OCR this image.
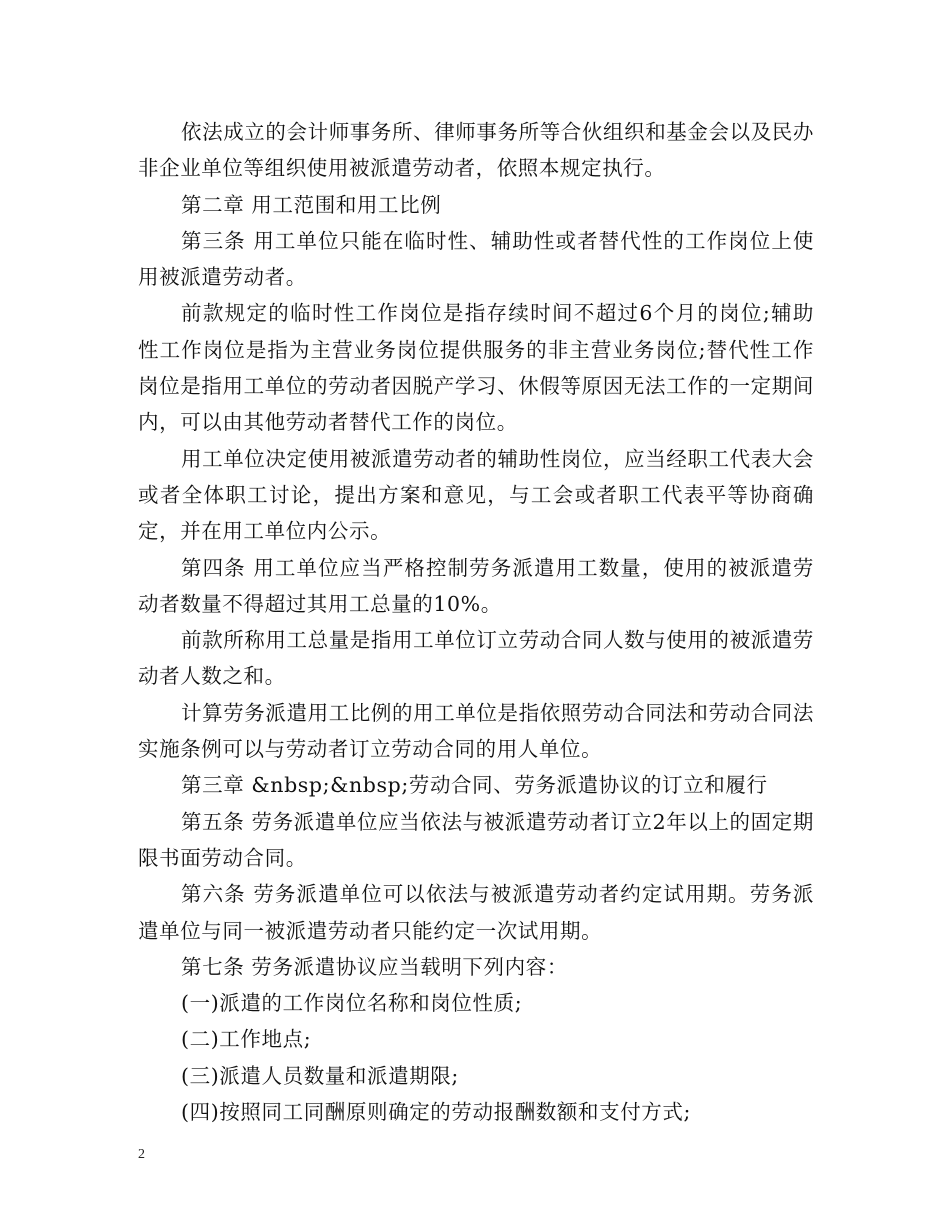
依法成立的会计师事务所、律师事务所等合伙组织和基金会以及民办非企业单位等组织使用被派遣劳动者，依照本规定执行。

第二章 用工范围和用工比例

第三条 用工单位只能在临时性、辅助性或者替代性的工作岗位上使用被派遣劳动者。

前款规定的临时性工作岗位是指存续时间不超过6个月的岗位;辅助性工作岗位是指为主营业务岗位提供服务的非主营业务岗位;替代性工作岗位是指用工单位的劳动者因脱产学习、休假等原因无法工作的一定期间内，可以由其他劳动者替代工作的岗位。

用工单位决定使用被派遣劳动者的辅助性岗位，应当经职工代表大会或者全体职工讨论，提出方案和意见，与工会或者职工代表平等协商确定，并在用工单位内公示。

第四条 用工单位应当严格控制劳务派遣用工数量，使用的被派遣劳动者数量不得超过其用工总量的10%。

前款所称用工总量是指用工单位订立劳动合同人数与使用的被派遣劳动者人数之和。

计算劳务派遣用工比例的用工单位是指依照劳动合同法和劳动合同法实施条例可以与劳动者订立劳动合同的用人单位。

第三章 &nbsp;&nbsp;劳动合同、劳务派遣协议的订立和履行

第五条 劳务派遣单位应当依法与被派遣劳动者订立2年以上的固定期限书面劳动合同。

第六条 劳务派遣单位可以依法与被派遣劳动者约定试用期。劳务派遣单位与同一被派遣劳动者只能约定一次试用期。

第七条 劳务派遣协议应当载明下列内容：

(一)派遣的工作岗位名称和岗位性质;

(二)工作地点;

(三)派遣人员数量和派遣期限;

(四)按照同工同酬原则确定的劳动报酬数额和支付方式;

2
